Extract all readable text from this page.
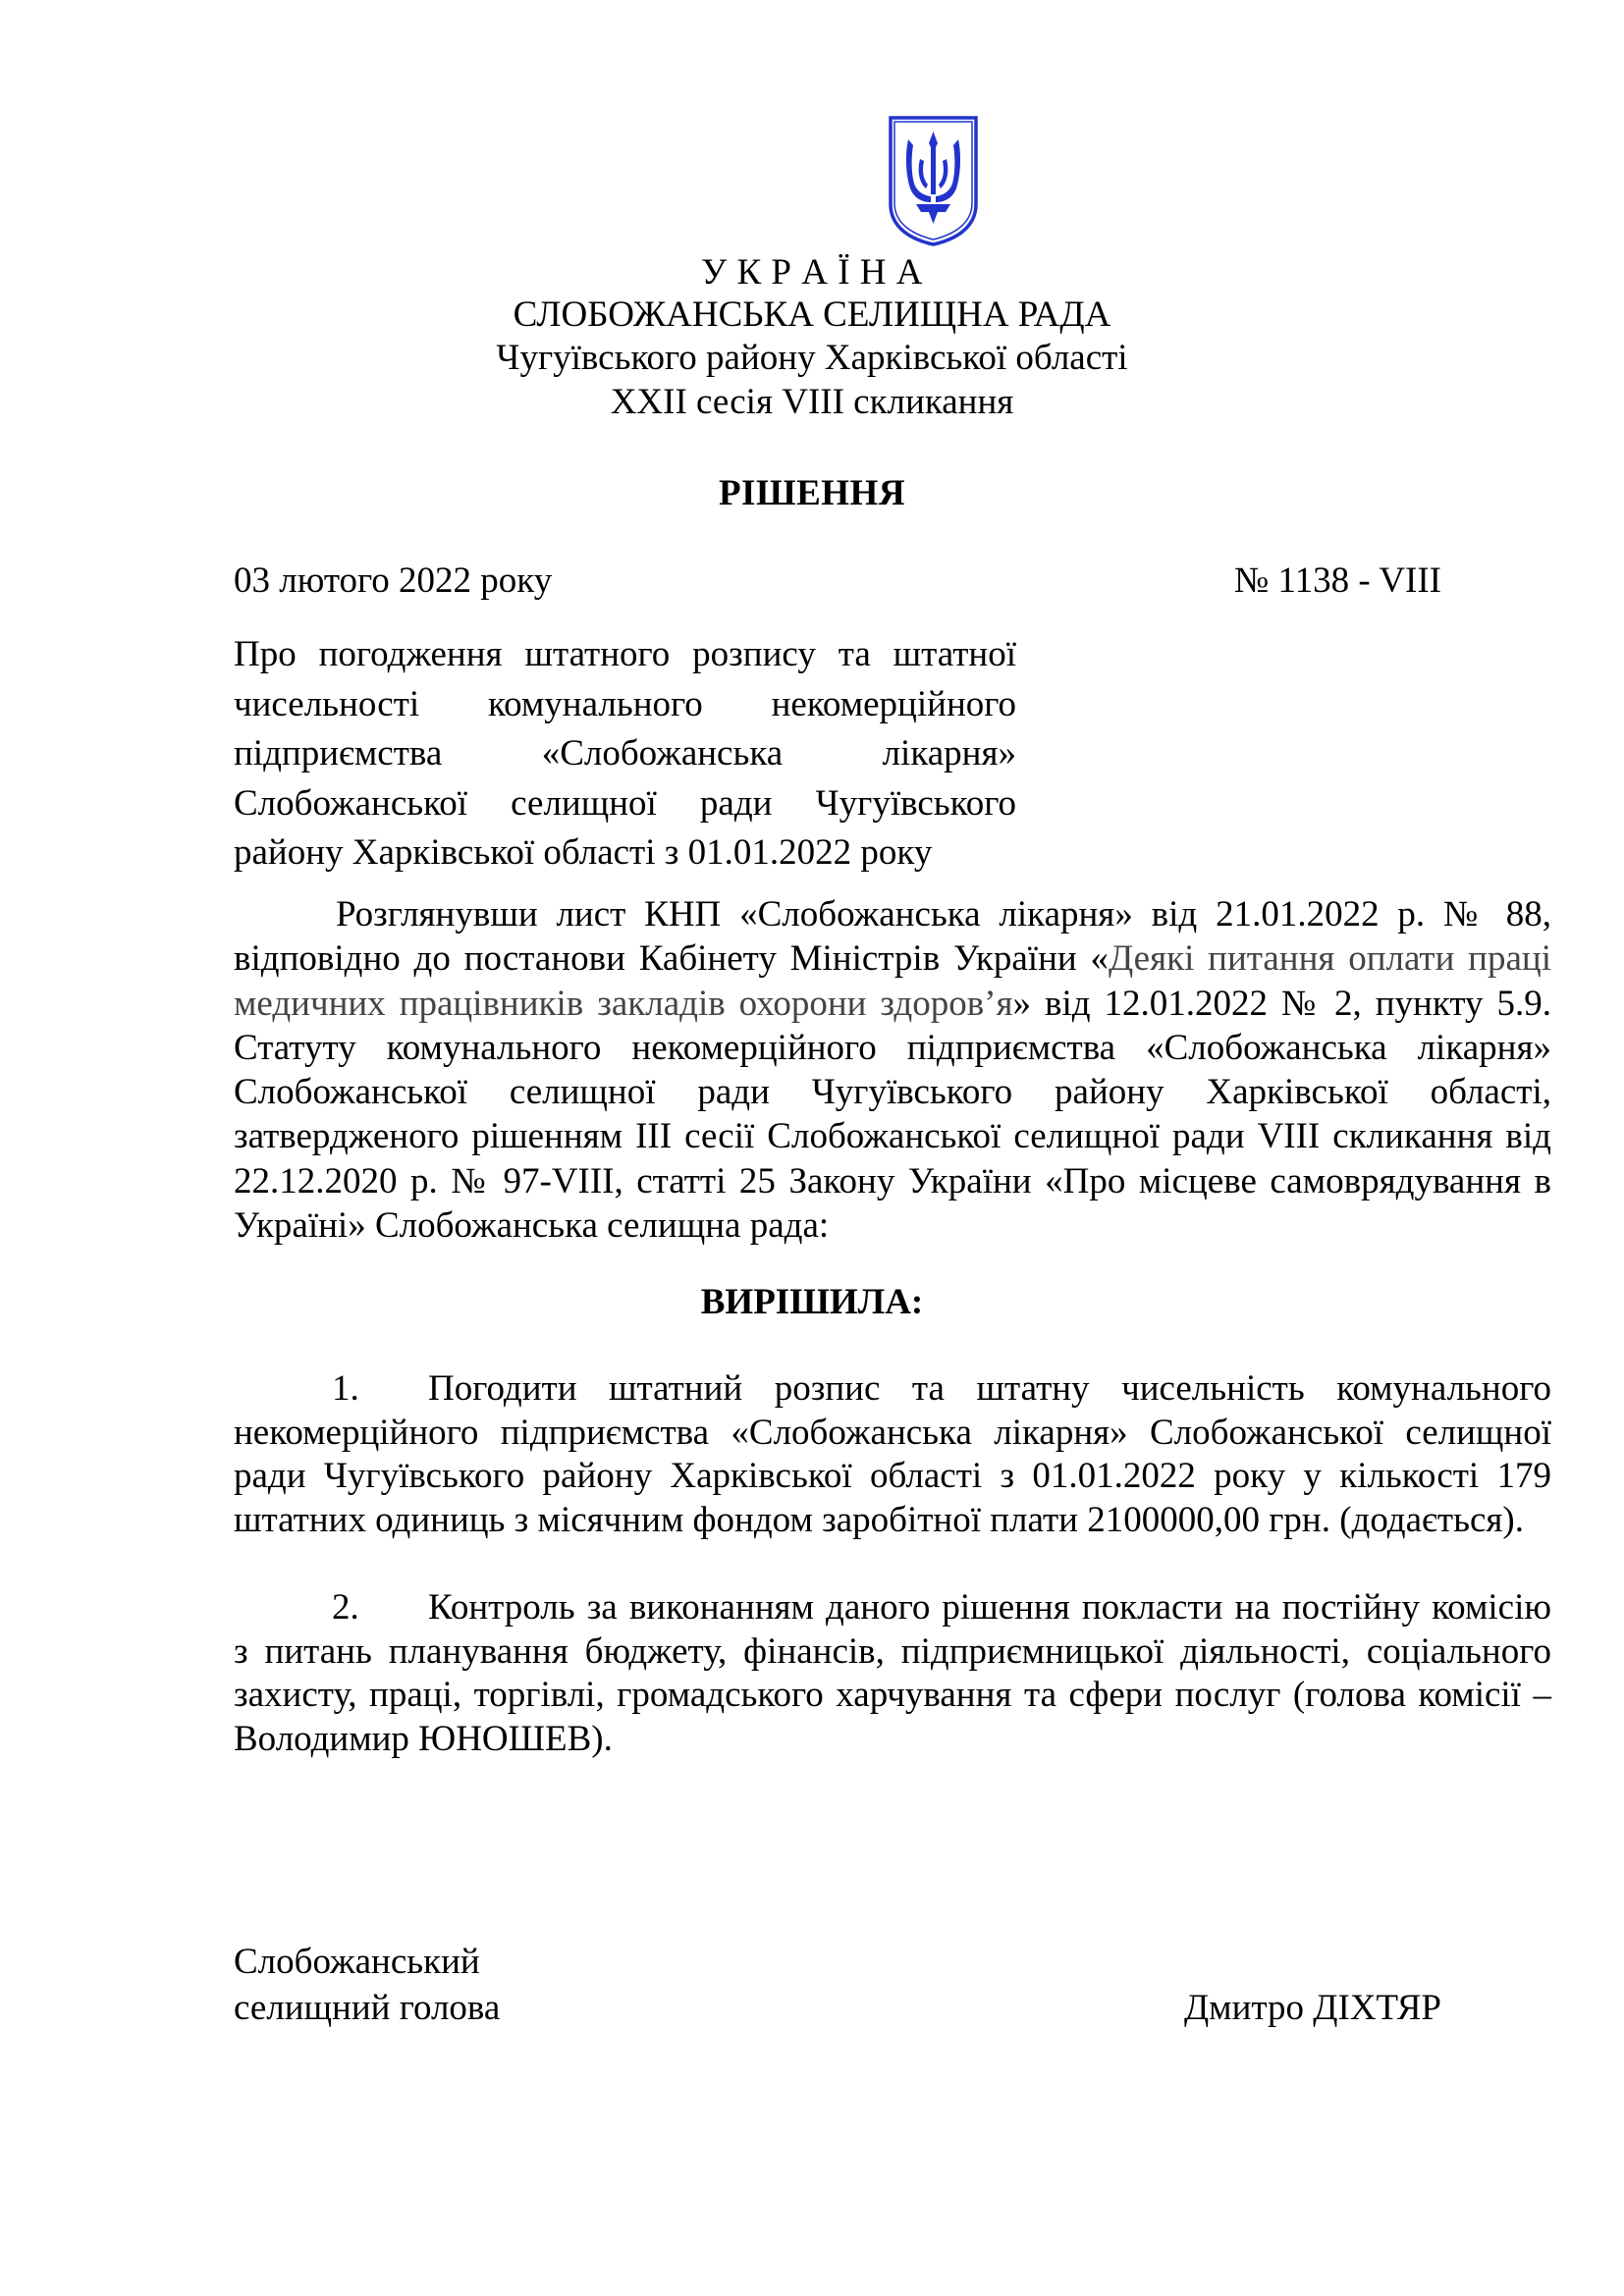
У К Р А Ї Н А
СЛОБОЖАНСЬКА СЕЛИЩНА РАДА
Чугуївського району Харківської області
XXII сесія VIII скликання
РІШЕННЯ
03 лютого 2022 року	№ 1138 - VIII
Про погодження штатного розпису та штатної
чисельності комунального некомерційного
підприємства «Слобожанська лікарня»
Слобожанської селищної ради Чугуївського
району Харківської області з 01.01.2022 року

Розглянувши лист КНП «Слобожанська лікарня» від 21.01.2022 р. № 88, відповідно до постанови Кабінету Міністрів України «Деякі питання оплати праці медичних працівників закладів охорони здоров’я» від 12.01.2022 № 2, пункту 5.9. Статуту комунального некомерційного підприємства «Слобожанська лікарня» Слобожанської селищної ради Чугуївського району Харківської області, затвердженого рішенням ІІІ сесії Слобожанської селищної ради VIII скликання від 22.12.2020 р. № 97-VIII, статті 25 Закону України «Про місцеве самоврядування в Україні» Слобожанська селищна рада:

ВИРІШИЛА:

1. Погодити штатний розпис та штатну чисельність комунального некомерційного підприємства «Слобожанська лікарня» Слобожанської селищної ради Чугуївського району Харківської області з 01.01.2022 року у кількості 179 штатних одиниць з місячним фондом заробітної плати 2100000,00 грн. (додається).

2. Контроль за виконанням даного рішення покласти на постійну комісію з питань планування бюджету, фінансів, підприємницької діяльності, соціального захисту, праці, торгівлі, громадського харчування та сфери послуг (голова комісії – Володимир ЮНОШЕВ).

Слобожанський
селищний голова	Дмитро ДІХТЯР
